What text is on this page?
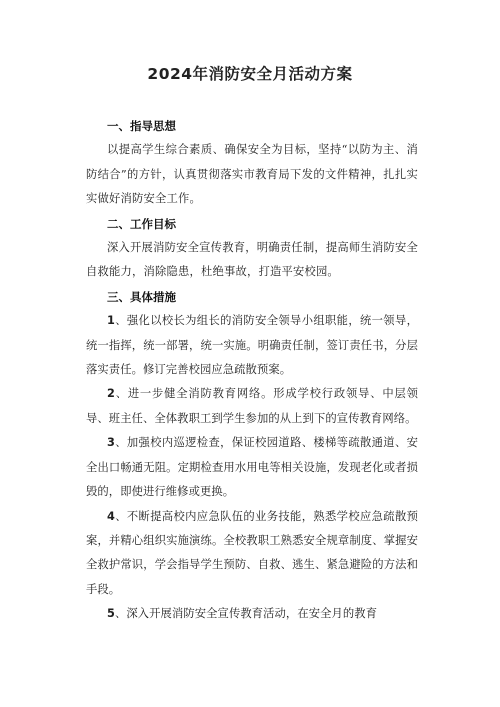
2024年消防安全月活动方案
一、指导思想
以提高学生综合素质、确保安全为目标，坚持“以防为主、消防结合”的方针，认真贯彻落实市教育局下发的文件精神，扎扎实实做好消防安全工作。
二、工作目标
深入开展消防安全宣传教育，明确责任制，提高师生消防安全自救能力，消除隐患，杜绝事故，打造平安校园。
三、具体措施
1、强化以校长为组长的消防安全领导小组职能，统一领导，统一指挥，统一部署，统一实施。明确责任制，签订责任书，分层落实责任。修订完善校园应急疏散预案。
2、进一步健全消防教育网络。形成学校行政领导、中层领导、班主任、全体教职工到学生参加的从上到下的宣传教育网络。
3、加强校内巡逻检查，保证校园道路、楼梯等疏散通道、安全出口畅通无阻。定期检查用水用电等相关设施，发现老化或者损毁的，即使进行维修或更换。
4、不断提高校内应急队伍的业务技能，熟悉学校应急疏散预案，并精心组织实施演练。全校教职工熟悉安全规章制度、掌握安全救护常识，学会指导学生预防、自救、逃生、紧急避险的方法和手段。
5、深入开展消防安全宣传教育活动，在安全月的教育
